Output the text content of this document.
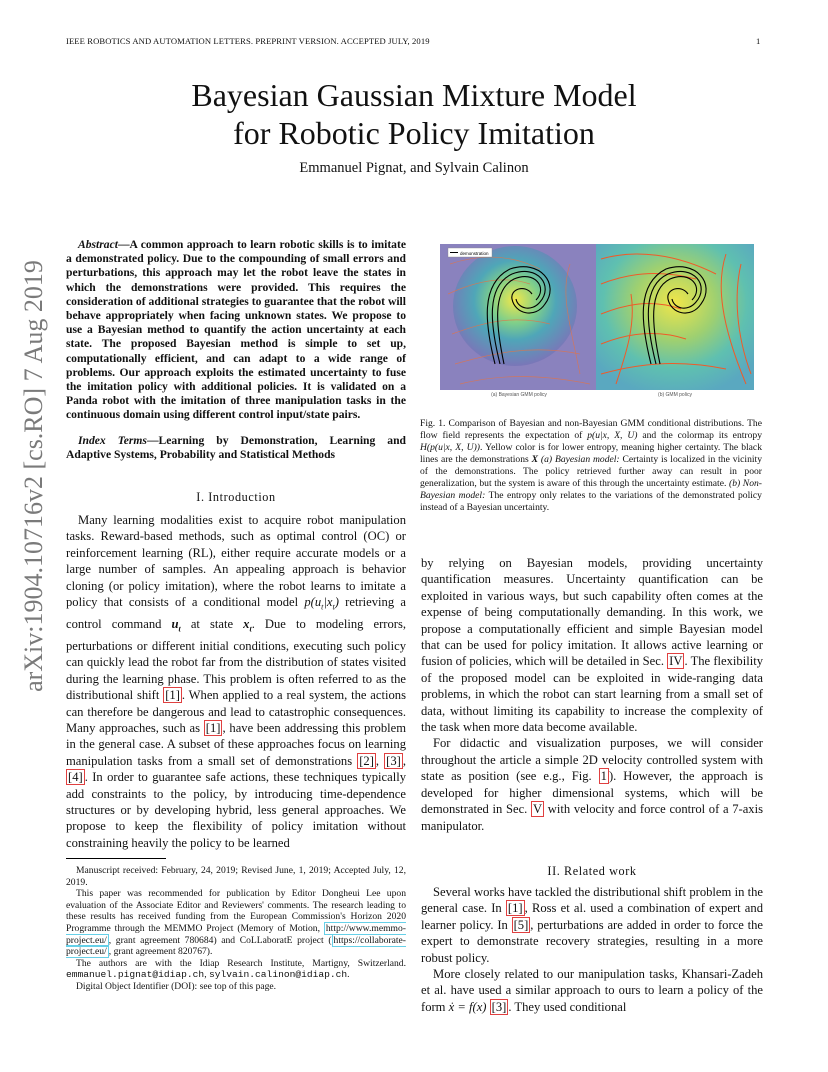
IEEE ROBOTICS AND AUTOMATION LETTERS. PREPRINT VERSION. ACCEPTED JULY, 2019	1
Bayesian Gaussian Mixture Model
for Robotic Policy Imitation
Emmanuel Pignat, and Sylvain Calinon
arXiv:1904.10716v2 [cs.RO] 7 Aug 2019
Abstract—A common approach to learn robotic skills is to imitate a demonstrated policy. Due to the compounding of small errors and perturbations, this approach may let the robot leave the states in which the demonstrations were provided. This requires the consideration of additional strategies to guarantee that the robot will behave appropriately when facing unknown states. We propose to use a Bayesian method to quantify the action uncertainty at each state. The proposed Bayesian method is simple to set up, computationally efficient, and can adapt to a wide range of problems. Our approach exploits the estimated uncertainty to fuse the imitation policy with additional policies. It is validated on a Panda robot with the imitation of three manipulation tasks in the continuous domain using different control input/state pairs.
Index Terms—Learning by Demonstration, Learning and Adaptive Systems, Probability and Statistical Methods
I. Introduction

Many learning modalities exist to acquire robot manipulation tasks. Reward-based methods, such as optimal control (OC) or reinforcement learning (RL), either require accurate models or a large number of samples. An appealing approach is behavior cloning (or policy imitation), where the robot learns to imitate a policy that consists of a conditional model $p(u_t|x_t)$ retrieving a control command $u_t$ at state $x_t$. Due to modeling errors, perturbations or different initial conditions, executing such policy can quickly lead the robot far from the distribution of states visited during the learning phase. This problem is often referred to as the distributional shift [1] . When applied to a real system, the actions can therefore be dangerous and lead to catastrophic consequences. Many approaches, such as [1] , have been addressing this problem in the general case. A subset of these approaches focus on learning manipulation tasks from a small set of demonstrations [2] , [3] , [4] . In order to guarantee safe actions, these techniques typically add constraints to the policy, by introducing time-dependence structures or by developing hybrid, less general approaches. We propose to keep the flexibility of policy imitation without constraining heavily the policy to be learned

Manuscript received: February, 24, 2019; Revised June, 1, 2019; Accepted July, 12, 2019.

This paper was recommended for publication by Editor Dongheui Lee upon evaluation of the Associate Editor and Reviewers' comments. The research leading to these results has received funding from the European Commission's Horizon 2020 Programme through the MEMMO Project (Memory of Motion, http://www.memmo-project.eu/ , grant agreement 780684) and CoLLaboratE project ( https://collaborate-project.eu/ , grant agreement 820767).

The authors are with the Idiap Research Institute, Martigny, Switzerland. emmanuel.pignat@idiap.ch, sylvain.calinon@idiap.ch.

Digital Object Identifier (DOI): see top of this page.

demonstration
(a) Bayesian GMM policy	(b) GMM policy
Fig. 1. Comparison of Bayesian and non-Bayesian GMM conditional distributions. The flow field represents the expectation of p(u|x, X, U) and the colormap its entropy H(p(u|x, X, U)). Yellow color is for lower entropy, meaning higher certainty. The black lines are the demonstrations X (a) Bayesian model: Certainty is localized in the vicinity of the demonstrations. The policy retrieved further away can result in poor generalization, but the system is aware of this through the uncertainty estimate. (b) Non-Bayesian model: The entropy only relates to the variations of the demonstrated policy instead of a Bayesian uncertainty.

by relying on Bayesian models, providing uncertainty quantification measures. Uncertainty quantification can be exploited in various ways, but such capability often comes at the expense of being computationally demanding. In this work, we propose a computationally efficient and simple Bayesian model that can be used for policy imitation. It allows active learning or fusion of policies, which will be detailed in Sec. IV . The flexibility of the proposed model can be exploited in wide-ranging data problems, in which the robot can start learning from a small set of data, without limiting its capability to increase the complexity of the task when more data become available.

For didactic and visualization purposes, we will consider throughout the article a simple 2D velocity controlled system with state as position (see e.g., Fig. 1 ). However, the approach is developed for higher dimensional systems, which will be demonstrated in Sec. V with velocity and force control of a 7-axis manipulator.

II. Related work

Several works have tackled the distributional shift problem in the general case. In [1] , Ross et al. used a combination of expert and learner policy. In [5] , perturbations are added in order to force the expert to demonstrate recovery strategies, resulting in a more robust policy.

More closely related to our manipulation tasks, Khansari-Zadeh et al. have used a similar approach to ours to learn a policy of the form ẋ = f(x) [3] . They used conditional
